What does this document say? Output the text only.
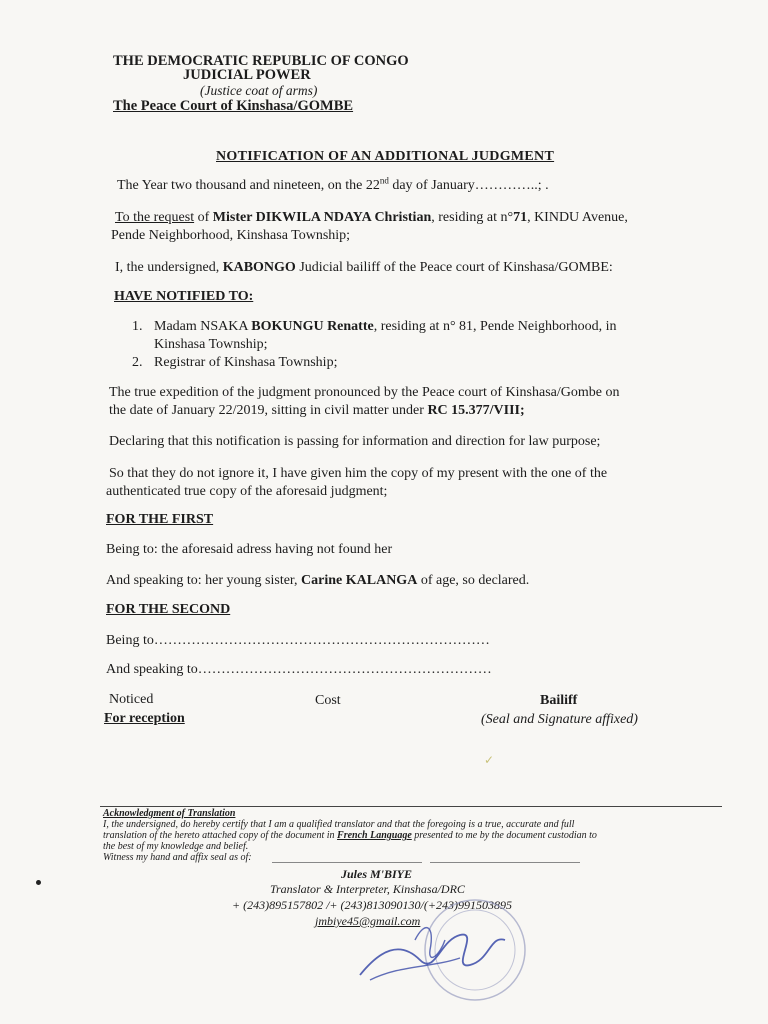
THE DEMOCRATIC REPUBLIC OF CONGO
JUDICIAL POWER
(Justice coat of arms)
The Peace Court of Kinshasa/GOMBE
NOTIFICATION OF AN ADDITIONAL JUDGMENT
The Year two thousand and nineteen, on the 22nd day of January…………..; .
To the request of Mister DIKWILA NDAYA Christian, residing at n°71, KINDU Avenue,
Pende Neighborhood, Kinshasa Township;
I, the undersigned, KABONGO Judicial bailiff of the Peace court of Kinshasa/GOMBE:
HAVE NOTIFIED TO:
1. Madam NSAKA BOKUNGU Renatte, residing at n° 81, Pende Neighborhood, in
Kinshasa Township;
2. Registrar of Kinshasa Township;
The true expedition of the judgment pronounced by the Peace court of Kinshasa/Gombe on
the date of January 22/2019, sitting in civil matter under RC 15.377/VIII;
Declaring that this notification is passing for information and direction for law purpose;
So that they do not ignore it, I have given him the copy of my present with the one of the
authenticated true copy of the aforesaid judgment;
FOR THE FIRST
Being to: the aforesaid adress having not found her
And speaking to: her young sister, Carine KALANGA of age, so declared.
FOR THE SECOND
Being to………………………………………………………………
And speaking to………………………………………………………
Noticed
For reception
Cost	Bailiff
(Seal and Signature affixed)
✓
Acknowledgment of Translation
I, the undersigned, do hereby certify that I am a qualified translator and that the foregoing is a true, accurate and full
translation of the hereto attached copy of the document in French Language presented to me by the document custodian to
the best of my knowledge and belief.
Witness my hand and affix seal as of:
Jules M'BIYE
Translator & Interpreter, Kinshasa/DRC
+ (243)895157802 /+ (243)813090130/(+243)991503895
jmbiye45@gmail.com
